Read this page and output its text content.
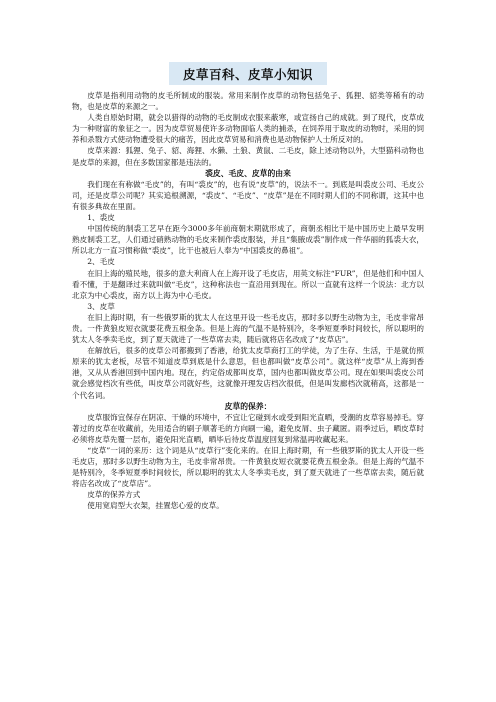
皮草百科、皮草小知识

皮草是指利用动物的皮毛所制成的服装。常用来制作皮草的动物包括兔子、狐狸、貂类等稀有的动物，也是皮草的来源之一。

人类自原始时期，就会以猎得的动物的毛皮制成衣服来蔽寒，或宣扬自己的成就。到了现代，皮草成为一种财富的象征之一。因为皮草贸易使许多动物面临人类的捕杀，在饲养用于取皮的动物时，采用的饲养和杀戮方式使动物遭受很大的痛苦，因此皮草贸易和消费也是动物保护人士所反对的。

皮草来源：狐狸、兔子、貂、海狸、水獭、土狼、黄鼠、二毛皮，除上述动物以外，大型猫科动物也是皮草的来源，但在多数国家都是违法的。

裘皮、毛皮、皮草的由来

我们现在有称做“毛皮”的，有叫“裘皮”的，也有说“皮草”的，说法不一。到底是叫裘皮公司、毛皮公司，还是皮草公司呢？其实追根溯源，“裘皮”、“毛皮”、“皮草”是在不同时期人们的不同称谓，这其中也有很多典故在里面。

1、裘皮

中国传统的制裘工艺早在距今3000多年前商朝末期就形成了，商朝丞相比干是中国历史上最早发明熟皮制裘工艺，人们通过硝熟动物的毛皮来制作裘皮服装，并且“集腋成裘”制作成一件华丽的狐裘大衣，所以北方一直习惯称做“裘皮”，比干也被后人奉为“中国裘皮的鼻祖”。

2、毛皮

在旧上海的殖民地，很多的意大利商人在上海开设了毛皮店，用英文标注“FUR”，但是他们和中国人看不懂，于是翻译过来就叫做“毛皮”，这种称法也一直沿用到现在。所以一直就有这样一个说法：北方以北京为中心裘皮，南方以上海为中心毛皮。

3、皮草

在旧上海时期，有一些俄罗斯的犹太人在这里开设一些毛皮店，那时多以野生动物为主，毛皮非常昂贵。一件黄狼皮短衣就要花费五根金条。但是上海的气温不是特别冷，冬季短夏季时间较长，所以聪明的犹太人冬季卖毛皮，到了夏天就进了一些草席去卖，随后就将店名改成了“皮草店”。

在解放后，很多的皮草公司都搬到了香港，给犹太皮草商打工的学徒，为了生存、生活，于是就仿照原来的犹太老板，尽管不知道皮草到底是什么意思，但也都叫做“皮草公司”。就这样“皮草”从上海到香港，又从从香港回到中国内地。现在，约定俗成都叫皮草，国内也都叫做皮草公司。现在如果叫裘皮公司就会感觉档次有些低，叫皮草公司就好些，这就像开理发店档次很低，但是叫发廊档次就稍高，这都是一个代名词。

皮草的保养：

皮草服饰宜保存在阴凉、干燥的环境中，不宜让它碰到水或受到阳光直晒，受潮的皮草容易掉毛。穿著过的皮草在收藏前，先用适合的刷子顺著毛的方向刷一遍，避免皮屑、虫子藏匿。雨季过后，晒皮草时必须将皮草先覆一层布，避免阳光直晒，晒毕后待皮草温度回复到常温再收藏起来。

“皮草”一词的来历：这个词是从“皮草行”变化来的。在旧上海时期，有一些俄罗斯的犹太人开设一些毛皮店，那时多以野生动物为主，毛皮非常昂贵。一件黄狼皮短衣就要花费五根金条。但是上海的气温不是特别冷，冬季短夏季时间较长，所以聪明的犹太人冬季卖毛皮，到了夏天就进了一些草席去卖，随后就将店名改成了“皮草店”。

皮草的保养方式

使用宽肩型大衣架，挂置您心爱的皮草。
